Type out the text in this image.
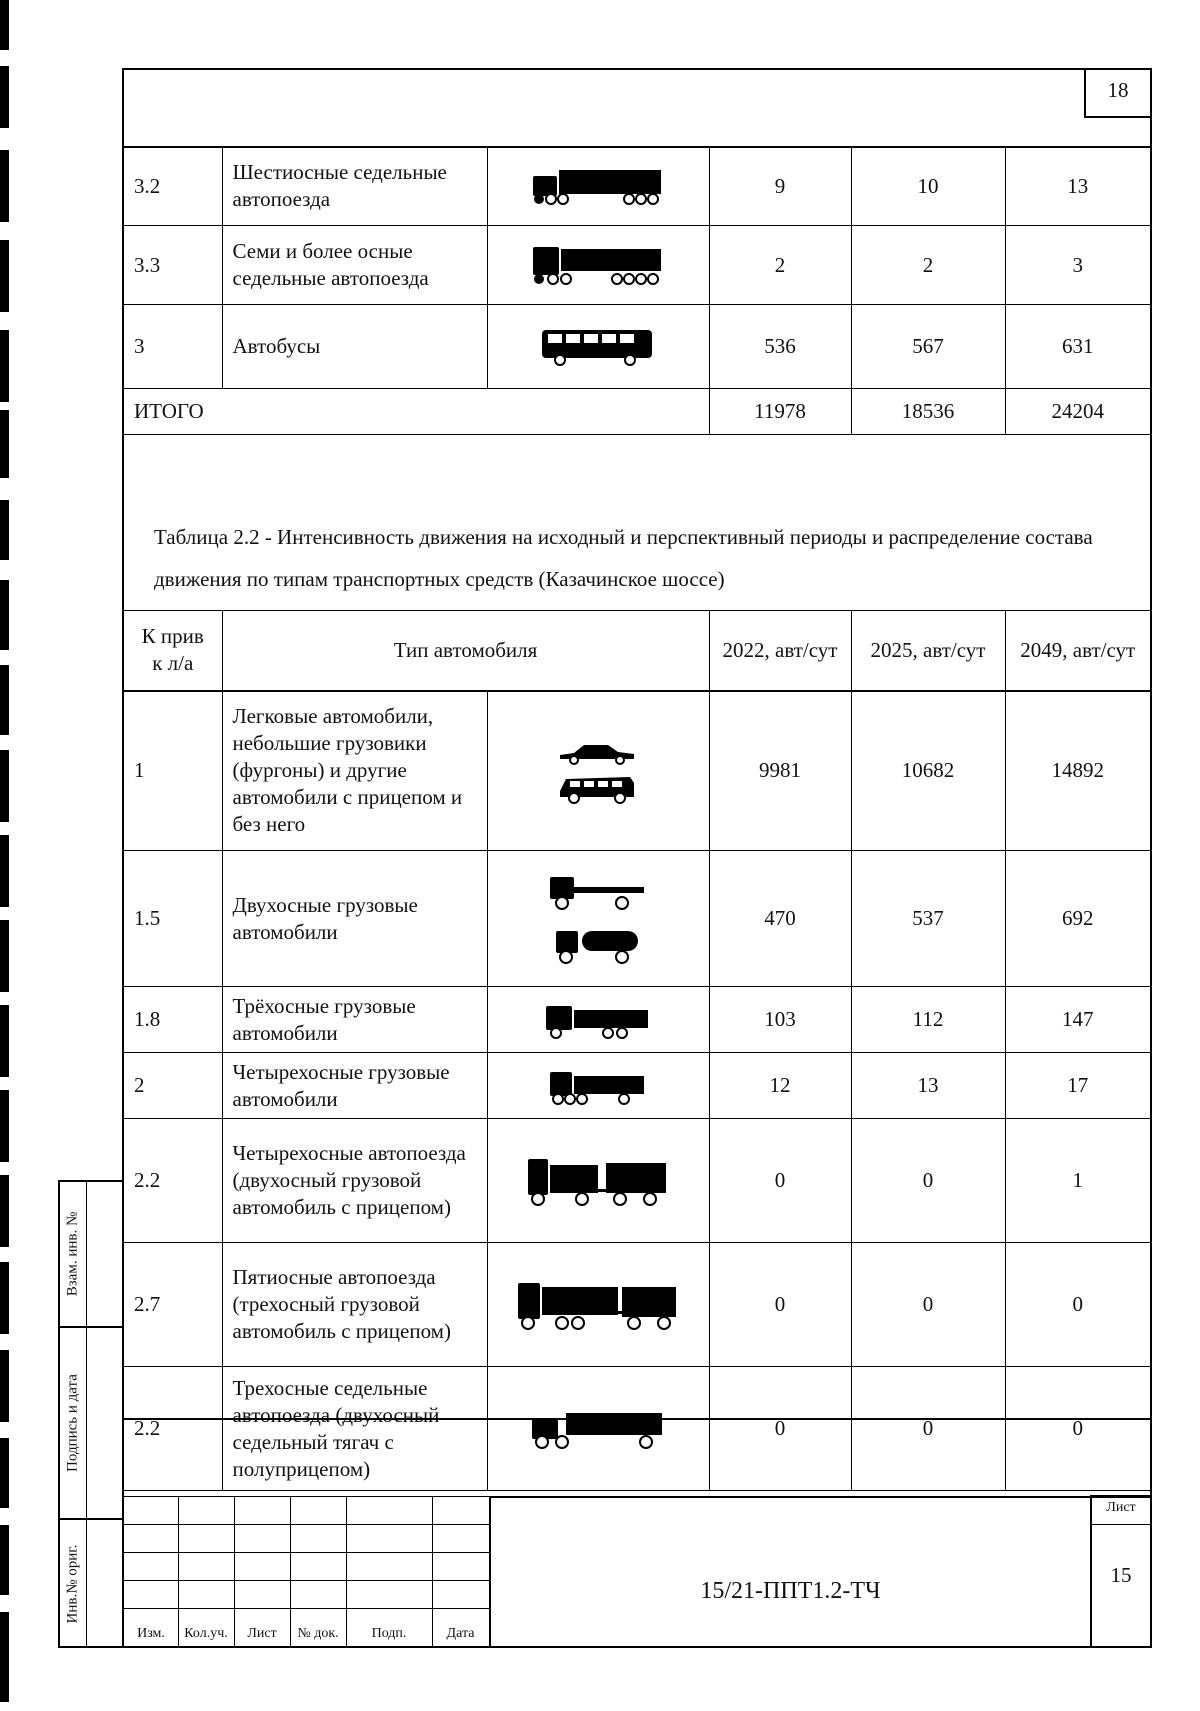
Взам. инв. №
Подпись и дата
Инв.№ ориг.
18
3.2	Шестиосные седельные автопоезда		9	10	13
3.3	Семи и более осные седельные автопоезда		2	2	3
3	Автобусы		536	567	631
ИТОГО			11978	18536	24204
Таблица 2.2 - Интенсивность движения на исходный и перспективный периоды и распределение состава движения по типам транспортных средств (Казачинское шоссе)
К прив к л/а	Тип автомобиля		2022, авт/сут	2025, авт/сут	2049, авт/сут
1	Легковые автомобили, небольшие грузовики (фургоны) и другие автомобили с прицепом и без него		9981	10682	14892
1.5	Двухосные грузовые автомобили		470	537	692
1.8	Трёхосные грузовые автомобили		103	112	147
2	Четырехосные грузовые автомобили		12	13	17
2.2	Четырехосные автопоезда (двухосный грузовой автомобиль с прицепом)		0	0	1
2.7	Пятиосные автопоезда (трехосный грузовой автомобиль с прицепом)		0	0	0
2.2	Трехосные седельные автопоезда (двухосный седельный тягач с полуприцепом)		0	0	0
Изм.	Кол.уч.	Лист	№ док.	Подп.	Дата
15/21-ППТ1.2-ТЧ
Лист
15
